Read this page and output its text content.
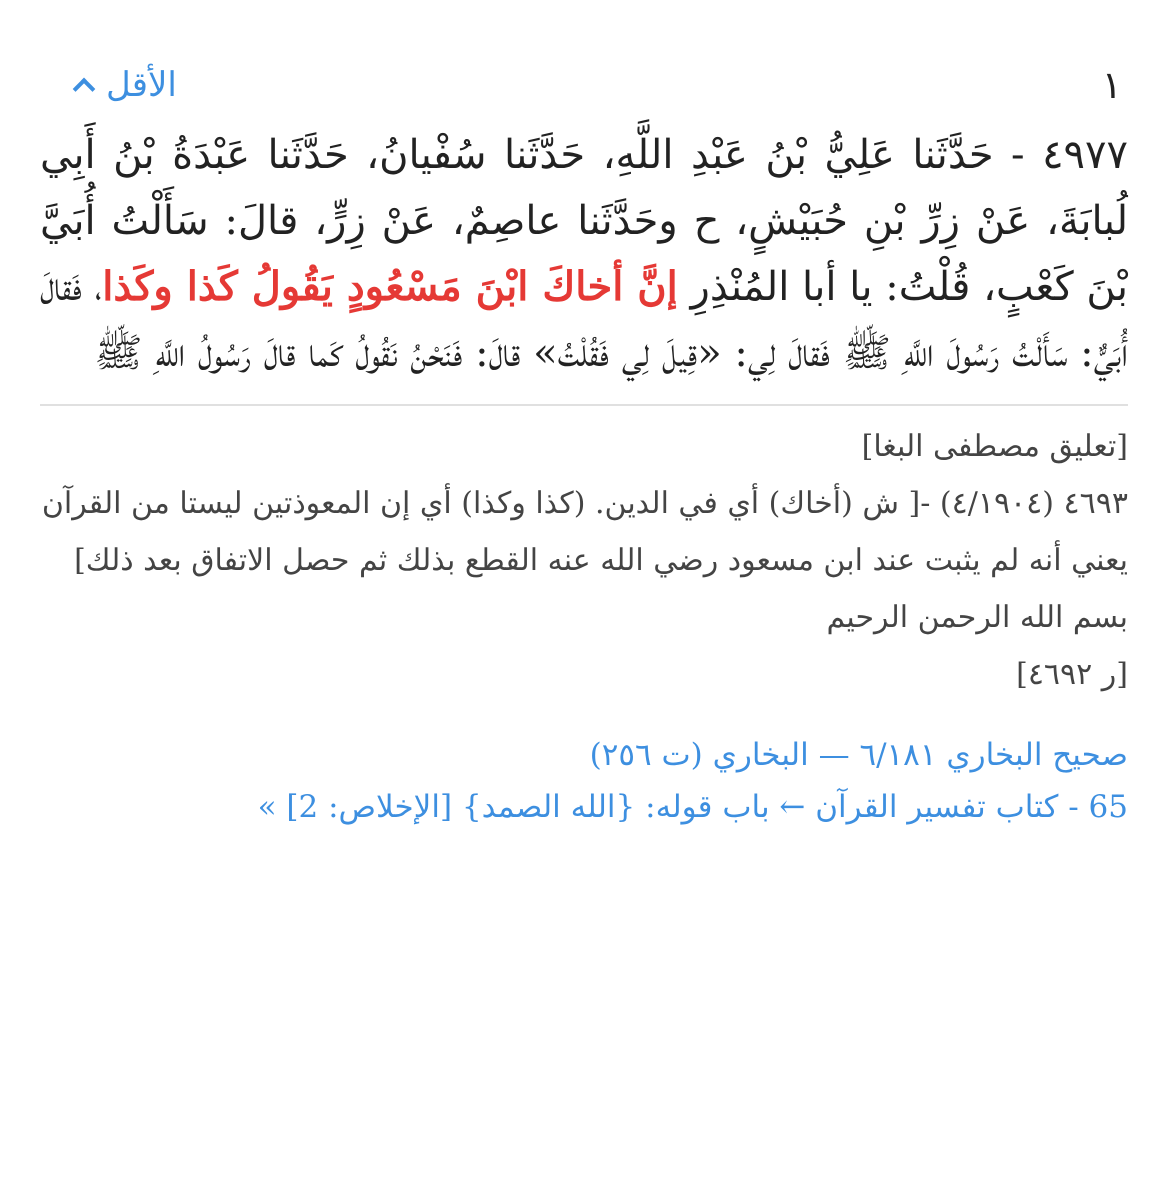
١
الأقل
٤٩٧٧ - حَدَّثَنا عَلِيُّ بْنُ عَبْدِ اللَّهِ، حَدَّثَنا سُفْيانُ، حَدَّثَنا عَبْدَةُ بْنُ أَبِي لُبابَةَ، عَنْ زِرِّ بْنِ حُبَيْشٍ، ح وحَدَّثَنا عاصِمٌ، عَنْ زِرٍّ، قالَ: سَأَلْتُ أُبَيَّ بْنَ كَعْبٍ، قُلْتُ: يا أبا المُنْذِرِ إنَّ أخاكَ ابْنَ مَسْعُودٍ يَقُولُ كَذا وكَذا، فَقالَ أُبَيٌّ: سَأَلْتُ رَسُولَ اللَّهِ ﷺ فَقالَ لِي: «قِيلَ لِي فَقُلْتُ» قالَ: فَنَحْنُ نَقُولُ كَما قالَ رَسُولُ اللَّهِ ﷺ

[تعليق مصطفى البغا]

٤٦٩٣ (٤/١٩٠٤) -[ ش (أخاك) أي في الدين. (كذا وكذا) أي إن المعوذتين ليستا من القرآن يعني أنه لم يثبت عند ابن مسعود رضي الله عنه القطع بذلك ثم حصل الاتفاق بعد ذلك]

بسم الله الرحمن الرحيم

[ر ٤٦٩٢]

صحيح البخاري ٦/١٨١ — البخاري (ت ٢٥٦)
65 - كتاب تفسير القرآن ← باب قوله: {الله الصمد} [الإخلاص: 2] »
